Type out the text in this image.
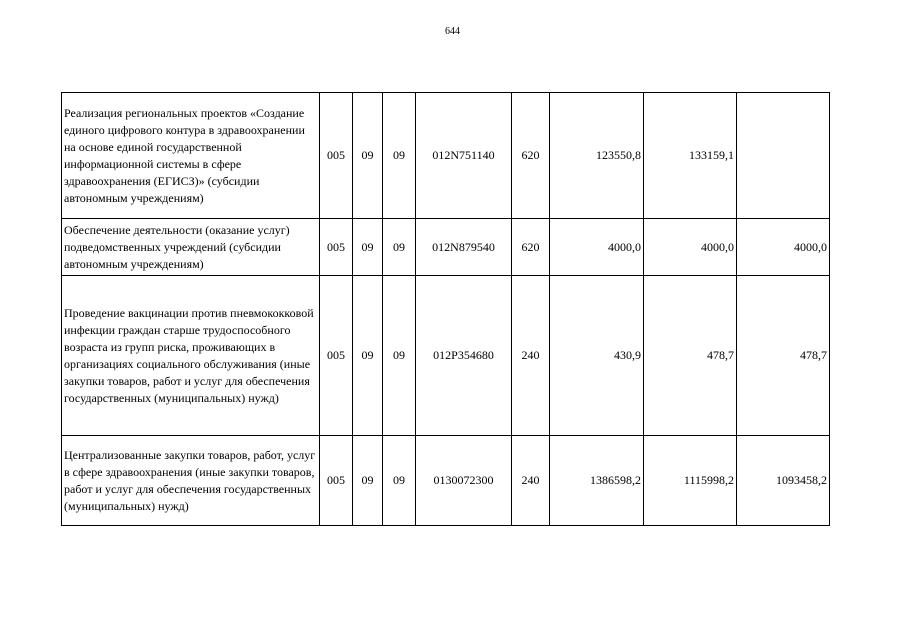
644
Реализация региональных проектов «Создание единого цифрового контура в здравоохранении на основе единой государственной информационной системы в сфере здравоохранения (ЕГИСЗ)» (субсидии автономным учреждениям)	005	09	09	012N751140	620	123550,8	133159,1	
Обеспечение деятельности (оказание услуг) подведомственных учреждений (субсидии автономным учреждениям)	005	09	09	012N879540	620	4000,0	4000,0	4000,0
Проведение вакцинации против пневмококковой инфекции граждан старше трудоспособного возраста из групп риска, проживающих в организациях социального обслуживания (иные закупки товаров, работ и услуг для обеспечения государственных (муниципальных) нужд)	005	09	09	012P354680	240	430,9	478,7	478,7
Централизованные закупки товаров, работ, услуг в сфере здравоохранения (иные закупки товаров, работ и услуг для обеспечения государственных (муниципальных) нужд)	005	09	09	0130072300	240	1386598,2	1115998,2	1093458,2
